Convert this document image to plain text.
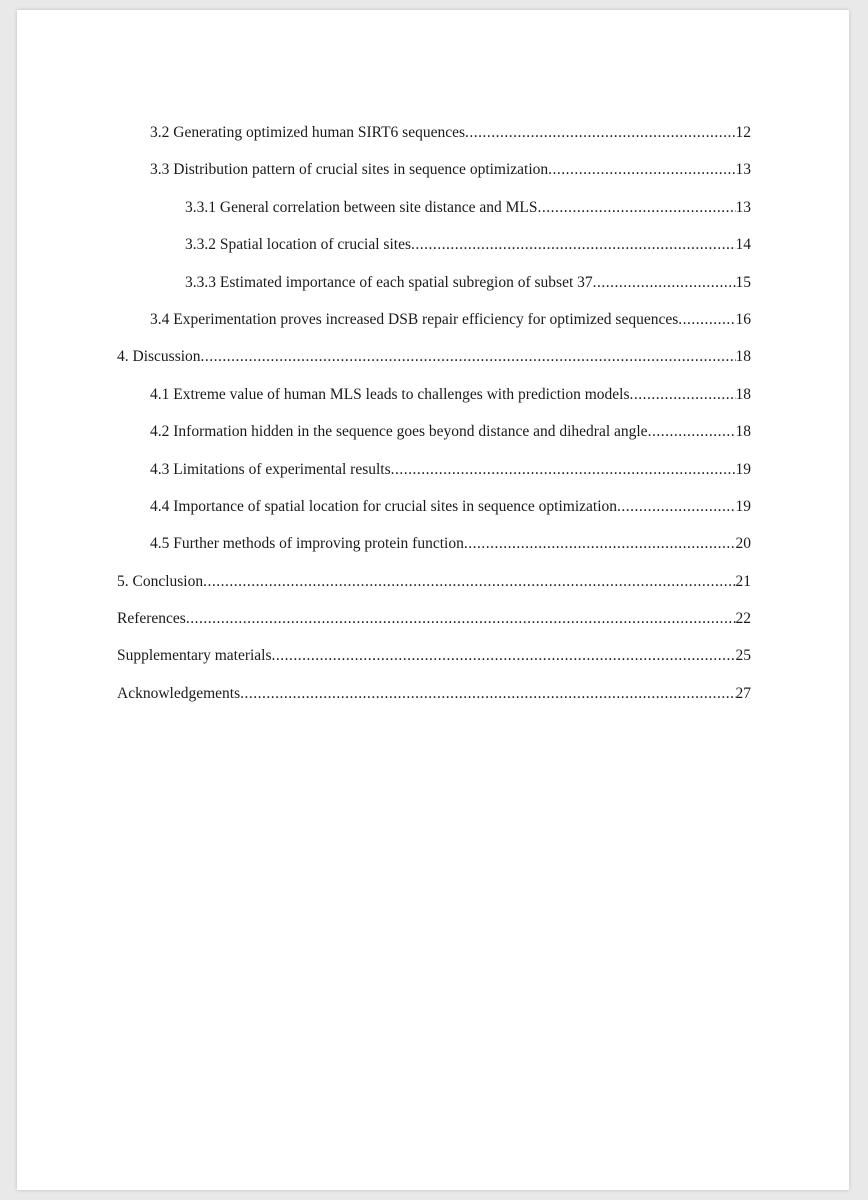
3.2 Generating optimized human SIRT6 sequences .....	12
3.3 Distribution pattern of crucial sites in sequence optimization .....	13
3.3.1 General correlation between site distance and MLS .....	13
3.3.2 Spatial location of crucial sites .....	14
3.3.3 Estimated importance of each spatial subregion of subset 37 .....	15
3.4 Experimentation proves increased DSB repair efficiency for optimized sequences .....	16
4. Discussion .....	18
4.1 Extreme value of human MLS leads to challenges with prediction models .....	18
4.2 Information hidden in the sequence goes beyond distance and dihedral angle .....	18
4.3 Limitations of experimental results .....	19
4.4 Importance of spatial location for crucial sites in sequence optimization .....	19
4.5 Further methods of improving protein function .....	20
5. Conclusion .....	21
References .....	22
Supplementary materials .....	25
Acknowledgements .....	27
